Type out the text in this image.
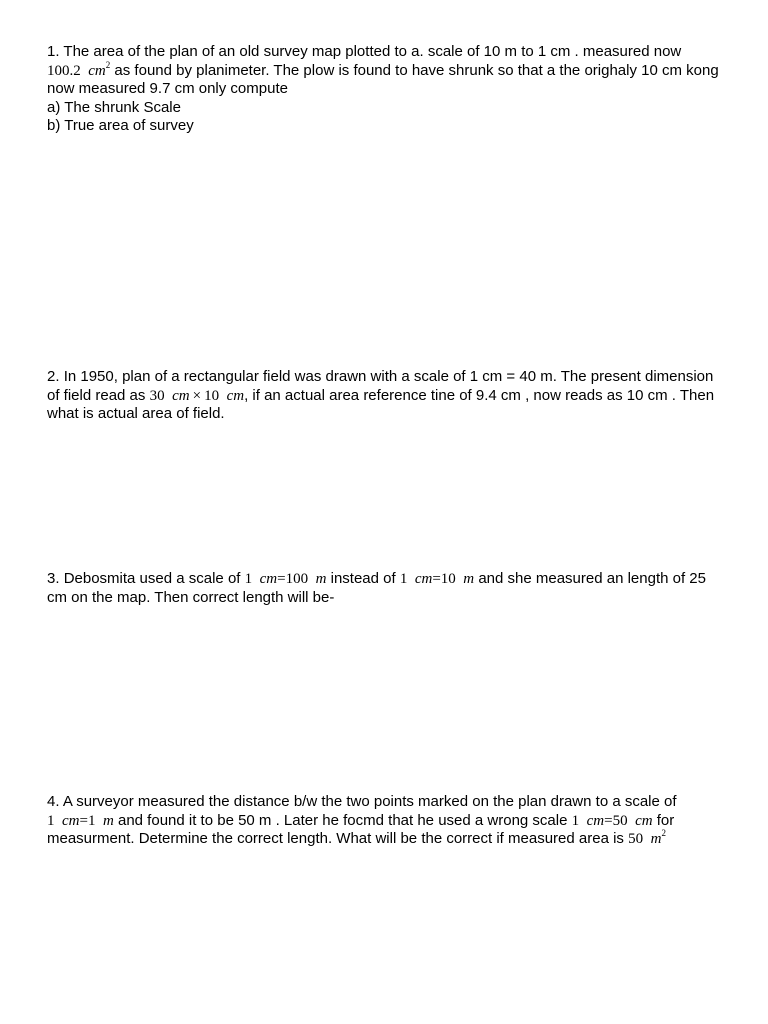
1. The area of the plan of an old survey map plotted to a. scale of 10 m to 1 cm . measured now
100.2 $cm^2$ as found by planimeter. The plow is found to have shrunk so that a the orighaly 10 cm kong now measured 9.7 cm only compute

a) The shrunk Scale

b) True area of survey

2. In 1950, plan of a rectangular field was drawn with a scale of 1 cm = 40 m. The present dimension of field read as 30 cm  ×  10 cm, if an actual area reference tine of 9.4 cm , now reads as 10 cm . Then what is actual area of field.

3. Debosmita used a scale of 1 cm=100 m instead of 1 cm=10 m and she measured an length of 25 cm on the map. Then correct length will be-

4. A surveyor measured the distance b/w the two points marked on the plan drawn to a scale of
1 cm=1 m and found it to be 50 m . Later he focmd that he used a wrong scale 1 cm=50 cm for measurment. Determine the correct length. What will be the correct if measured area is 50 $m^2$
